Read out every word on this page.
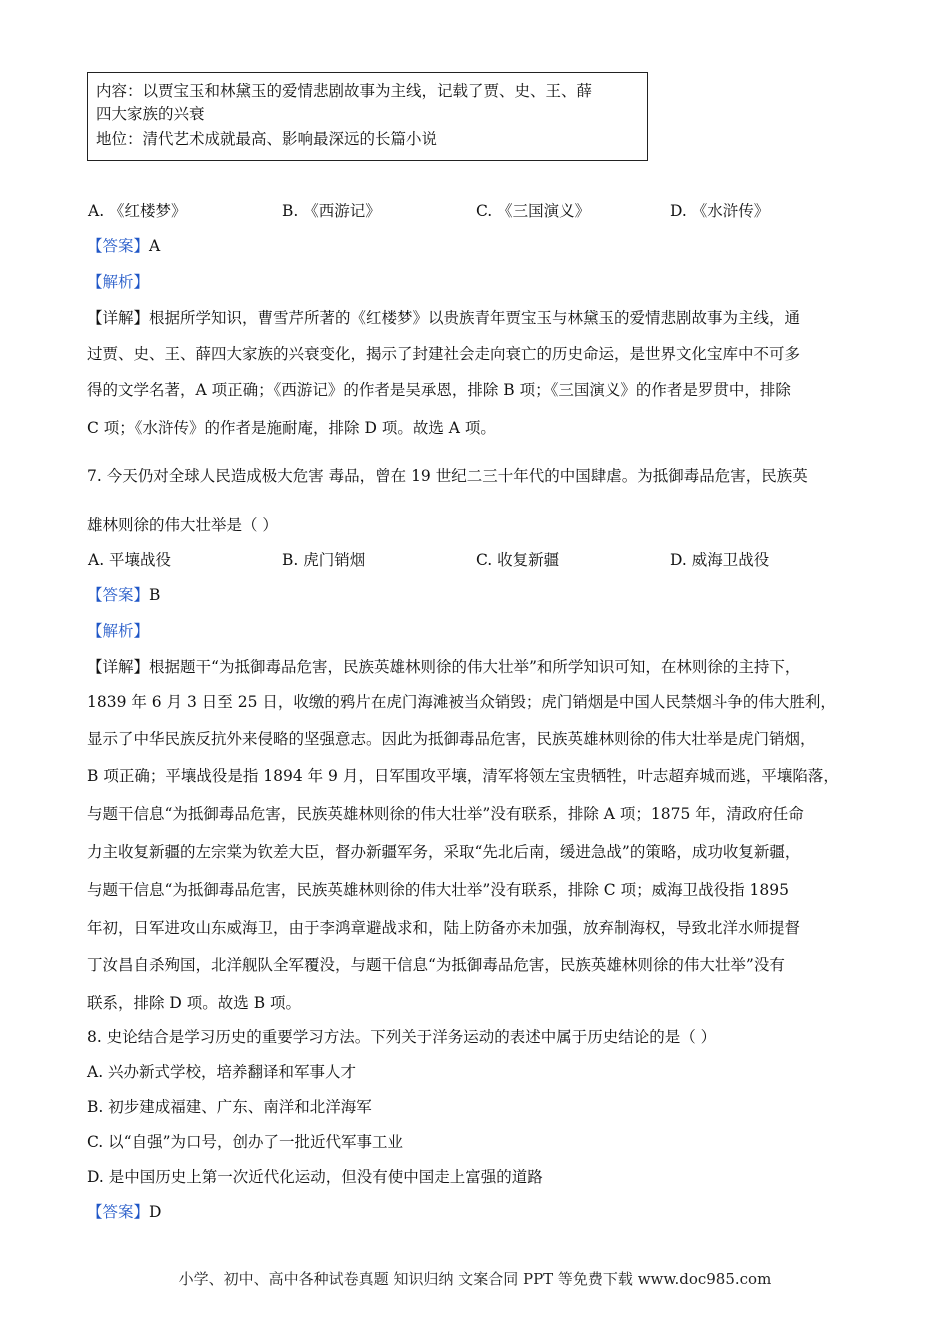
内容：以贾宝玉和林黛玉的爱情悲剧故事为主线，记载了贾、史、王、薛
四大家族的兴衰
地位：清代艺术成就最高、影响最深远的长篇小说
A. 《红楼梦》	B. 《西游记》	C. 《三国演义》	D. 《水浒传》
【答案】A
【解析】
【详解】根据所学知识，曹雪芹所著的《红楼梦》以贵族青年贾宝玉与林黛玉的爱情悲剧故事为主线，通
过贾、史、王、薛四大家族的兴衰变化，揭示了封建社会走向衰亡的历史命运，是世界文化宝库中不可多
得的文学名著，A 项正确；《西游记》的作者是吴承恩，排除 B 项；《三国演义》的作者是罗贯中，排除
C 项；《水浒传》的作者是施耐庵，排除 D 项。故选 A 项。
7. 今天仍对全球人民造成极大危害 毒品，曾在 19 世纪二三十年代的中国肆虐。为抵御毒品危害，民族英
雄林则徐的伟大壮举是（ ）
A. 平壤战役	B. 虎门销烟	C. 收复新疆	D. 威海卫战役
【答案】B
【解析】
【详解】根据题干“为抵御毒品危害，民族英雄林则徐的伟大壮举”和所学知识可知，在林则徐的主持下，
1839 年 6 月 3 日至 25 日，收缴的鸦片在虎门海滩被当众销毁；虎门销烟是中国人民禁烟斗争的伟大胜利，
显示了中华民族反抗外来侵略的坚强意志。因此为抵御毒品危害，民族英雄林则徐的伟大壮举是虎门销烟，
B 项正确；平壤战役是指 1894 年 9 月，日军围攻平壤，清军将领左宝贵牺牲，叶志超弃城而逃，平壤陷落，
与题干信息“为抵御毒品危害，民族英雄林则徐的伟大壮举”没有联系，排除 A 项；1875 年，清政府任命
力主收复新疆的左宗棠为钦差大臣，督办新疆军务，采取“先北后南，缓进急战”的策略，成功收复新疆，
与题干信息“为抵御毒品危害，民族英雄林则徐的伟大壮举”没有联系，排除 C 项；威海卫战役指 1895
年初，日军进攻山东威海卫，由于李鸿章避战求和，陆上防备亦未加强，放弃制海权，导致北洋水师提督
丁汝昌自杀殉国，北洋舰队全军覆没，与题干信息“为抵御毒品危害，民族英雄林则徐的伟大壮举”没有
联系，排除 D 项。故选 B 项。
8. 史论结合是学习历史的重要学习方法。下列关于洋务运动的表述中属于历史结论的是（ ）
A. 兴办新式学校，培养翻译和军事人才
B. 初步建成福建、广东、南洋和北洋海军
C. 以“自强”为口号，创办了一批近代军事工业
D. 是中国历史上第一次近代化运动，但没有使中国走上富强的道路
【答案】D
小学、初中、高中各种试卷真题 知识归纳 文案合同 PPT 等免费下载 www.doc985.com
